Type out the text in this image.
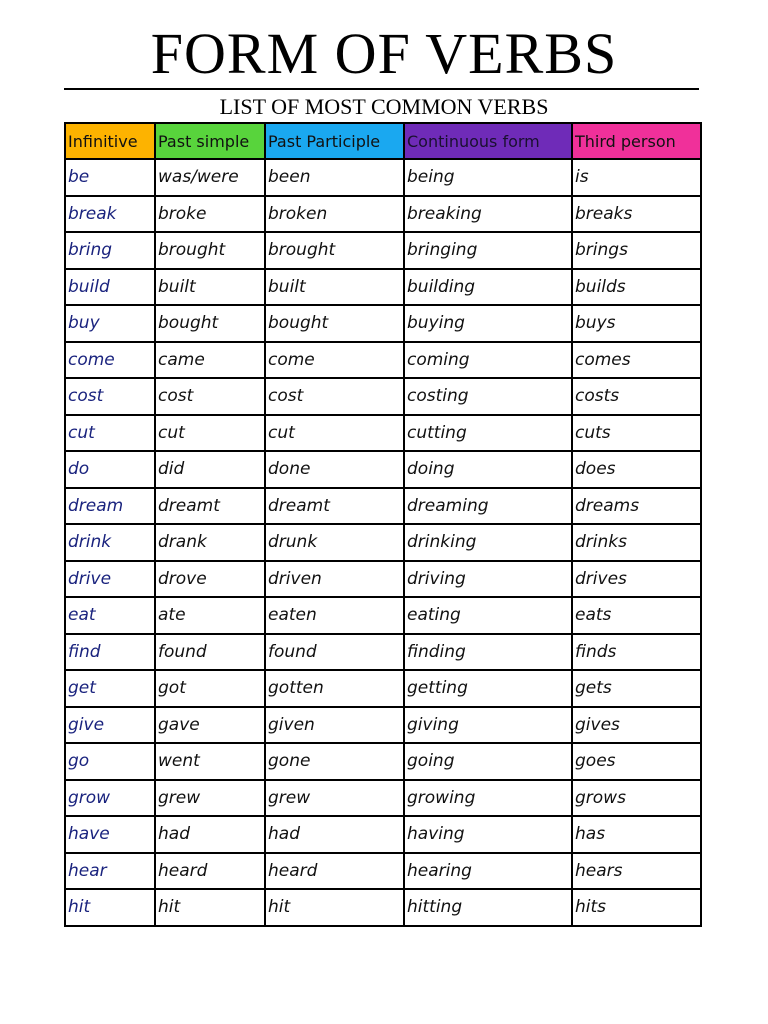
FORM OF VERBS
LIST OF MOST COMMON VERBS
Infinitive	Past simple	Past Participle	Continuous form	Third person
be	was/were	been	being	is
break	broke	broken	breaking	breaks
bring	brought	brought	bringing	brings
build	built	built	building	builds
buy	bought	bought	buying	buys
come	came	come	coming	comes
cost	cost	cost	costing	costs
cut	cut	cut	cutting	cuts
do	did	done	doing	does
dream	dreamt	dreamt	dreaming	dreams
drink	drank	drunk	drinking	drinks
drive	drove	driven	driving	drives
eat	ate	eaten	eating	eats
find	found	found	finding	finds
get	got	gotten	getting	gets
give	gave	given	giving	gives
go	went	gone	going	goes
grow	grew	grew	growing	grows
have	had	had	having	has
hear	heard	heard	hearing	hears
hit	hit	hit	hitting	hits
